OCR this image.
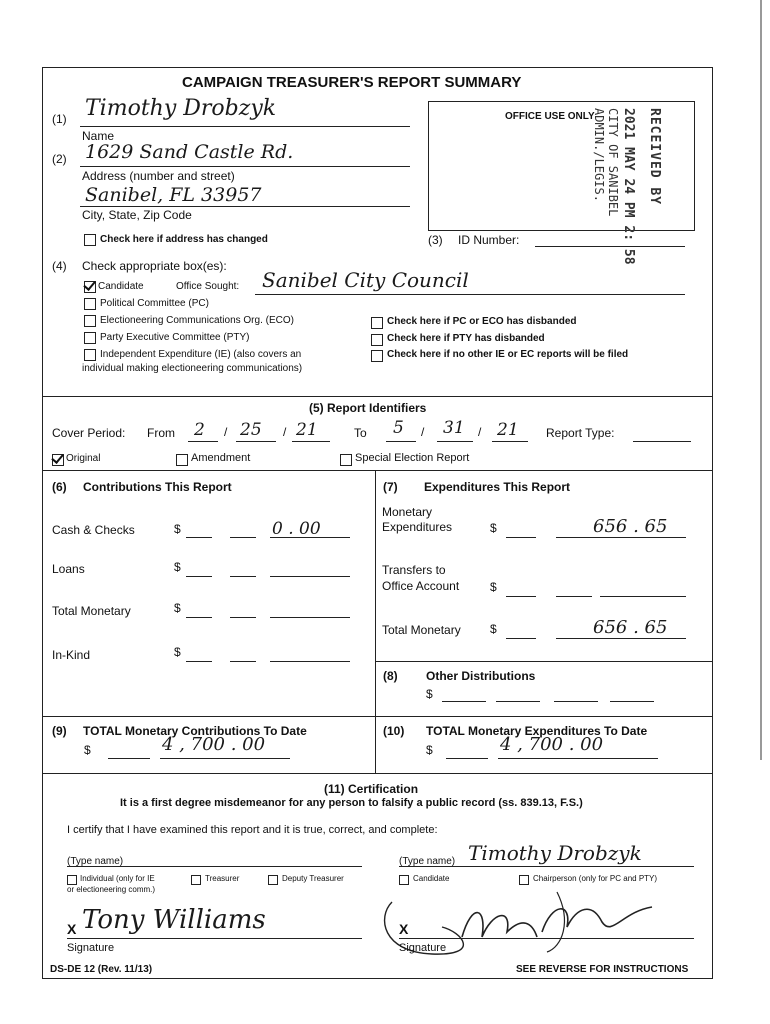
CAMPAIGN TREASURER'S REPORT SUMMARY
(1) Timothy Drobzyk
Name
(2) 1629 Sand Castle Rd.
Address (number and street)
Sanibel, FL 33957
City, State, Zip Code
Check here if address has changed
OFFICE USE ONLY	RECEIVED BY
2021 MAY 24 PM 2: 58
CITY OF SANIBEL
ADMIN./LEGIS.
(3) ID Number:
(4) Check appropriate box(es):
Candidate	Office Sought: Sanibel City Council
Political Committee (PC)
Electioneering Communications Org. (ECO)
Party Executive Committee (PTY)
Independent Expenditure (IE) (also covers an
individual making electioneering communications)
Check here if PC or ECO has disbanded
Check here if PTY has disbanded
Check here if no other IE or EC reports will be filed
(5) Report Identifiers
Cover Period: From 2 / 25 / 21	To 5 / 31 / 21 Report Type:
Original	Amendment	Special Election Report
(6) Contributions This Report
Cash & Checks	$	0 . 00
Loans	$
Total Monetary	$
In-Kind	$
(7) Expenditures This Report
Monetary
Expenditures	$	656 . 65
Transfers to
Office Account	$
Total Monetary $	656 . 65
(8) Other Distributions
$
(9) TOTAL Monetary Contributions To Date
$	4 , 700 . 00
(10) TOTAL Monetary Expenditures To Date
$	4 , 700 . 00
(11) Certification
It is a first degree misdemeanor for any person to falsify a public record (ss. 839.13, F.S.)
I certify that I have examined this report and it is true, correct, and complete:
(Type name)
Individual (only for IE
or electioneering comm.)
Treasurer	Deputy Treasurer
(Type name) Timothy Drobzyk
Candidate	Chairperson (only for PC and PTY)
X Tony Williams
Signature
X
Signature
DS-DE 12 (Rev. 11/13)	SEE REVERSE FOR INSTRUCTIONS
